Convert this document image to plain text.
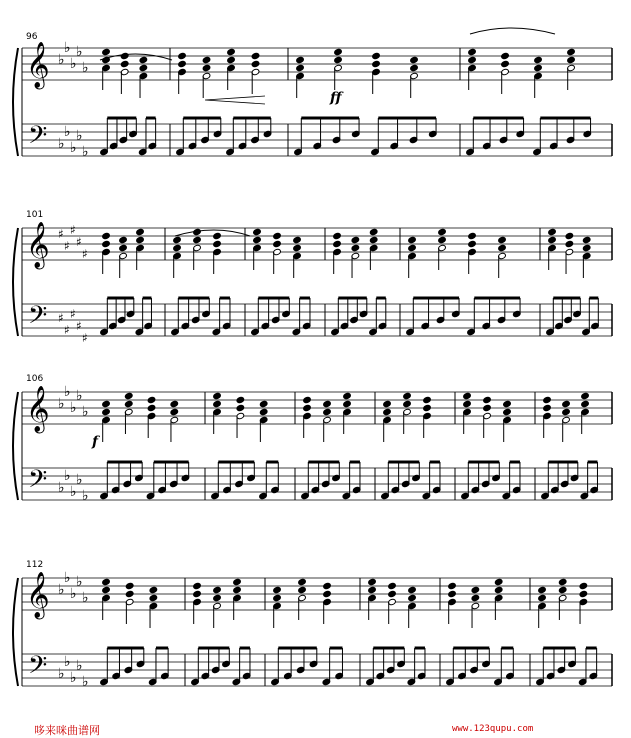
𝄞
𝄢
♭
♭
♭
♭
♭
♭
♭
♭
♭
♭
𝄞
𝄢
♯
♯
♯
♯
♯
♯
♯
♯
♯
♯
𝄞
𝄢
♭
♭
♭
♭
♭
♭
♭
♭
♭
♭
𝄞
𝄢
♭
♭
♭
♭
♭
♭
♭
♭
♭
♭
96
101
106
112
ff
f
哆来咪曲谱网	www.123qupu.com
